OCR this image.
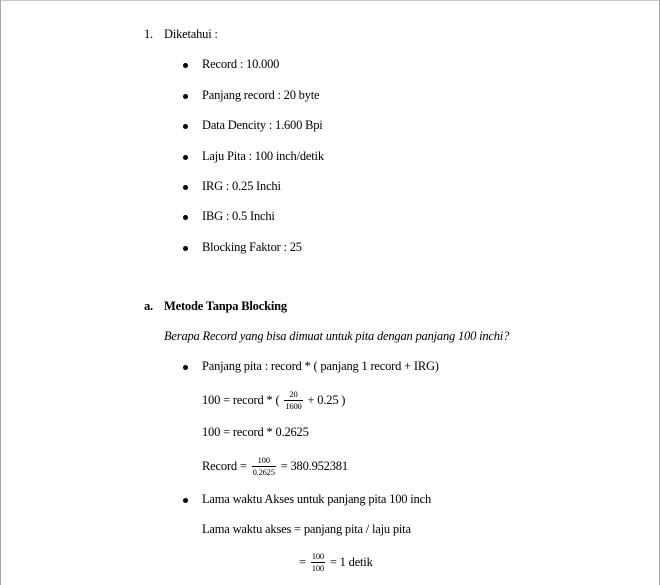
1. Diketahui :
Record : 10.000
Panjang record : 20 byte
Data Dencity : 1.600 Bpi
Laju Pita : 100 inch/detik
IRG : 0.25 Inchi
IBG : 0.5 Inchi
Blocking Faktor : 25
a. Metode Tanpa Blocking
Berapa Record yang bisa dimuat untuk pita dengan panjang 100 inchi?
Panjang pita : record * ( panjang 1 record + IRG)
100 = record * ( $\frac{20}{1600} + 0.25$ )
100 = record * 0.2625
Record = $\frac{100}{0.2625} = 380.952381$
Lama waktu Akses untuk panjang pita 100 inch
Lama waktu akses = panjang pita / laju pita
= $\frac{100}{100} = 1$ detik
